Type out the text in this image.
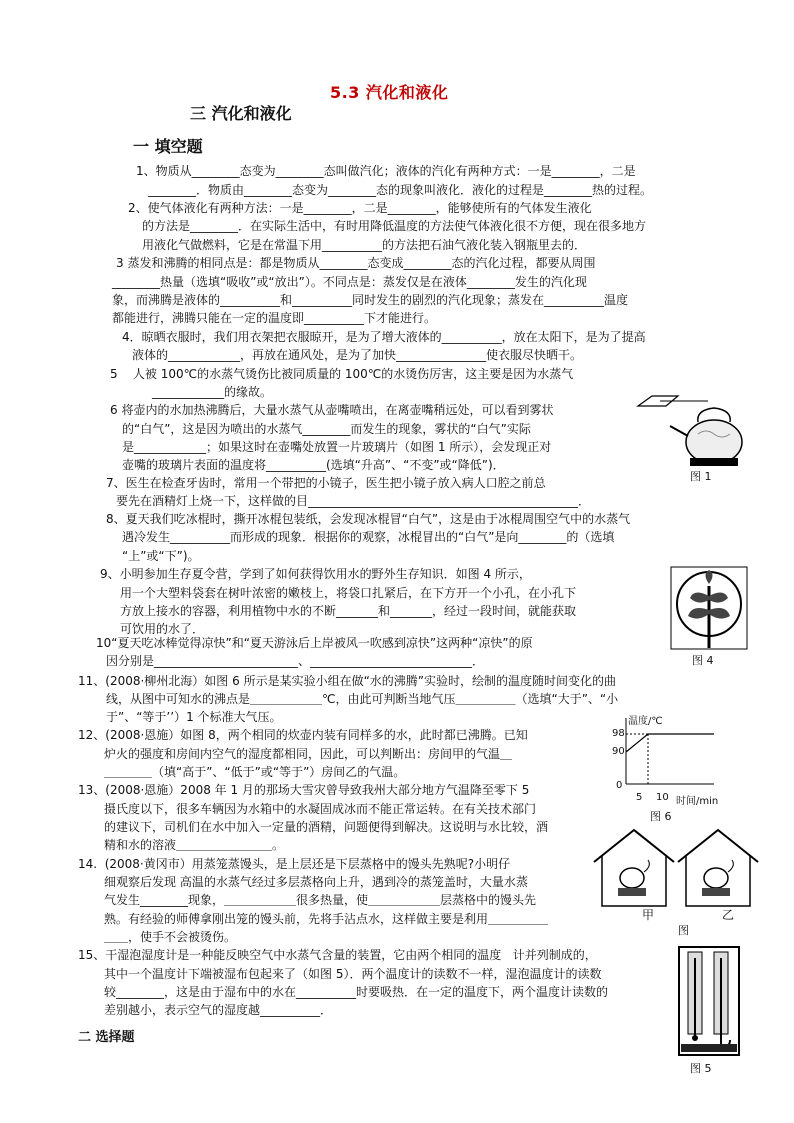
5.3 汽化和液化
三 汽化和液化
一 填空题
1、物质从________态变为________态叫做汽化；液体的汽化有两种方式：一是________，二是
________．物质由________态变为________态的现象叫液化．液化的过程是________热的过程。
2、使气体液化有两种方法：一是________，二是________，能够使所有的气体发生液化
的方法是________．在实际生活中，有时用降低温度的方法使气体液化很不方便，现在很多地方
用液化气做燃料，它是在常温下用__________的方法把石油气液化装入钢瓶里去的．
3 蒸发和沸腾的相同点是：都是物质从________态变成________态的汽化过程，都要从周围
________热量（选填“吸收”或“放出”）。不同点是：蒸发仅是在液体________发生的汽化现
象，而沸腾是液体的__________和__________同时发生的剧烈的汽化现象；蒸发在__________温度
都能进行，沸腾只能在一定的温度即__________下才能进行。
4．晾晒衣服时，我们用衣架把衣服晾开，是为了增大液体的__________，放在太阳下，是为了提高
液体的____________，再放在通风处，是为了加快_______________使衣服尽快晒干。
5    人被 100℃的水蒸气烫伤比被同质量的 100℃的水烫伤厉害，这主要是因为水蒸气
____________的缘故。
6 将壶内的水加热沸腾后，大量水蒸气从壶嘴喷出，在离壶嘴稍远处，可以看到雾状
的“白气”，这是因为喷出的水蒸气________而发生的现象，雾状的“白气”实际
是____________；如果这时在壶嘴处放置一片玻璃片（如图 1 所示），会发现正对
壶嘴的玻璃片表面的温度将__________(选填“升高”、“不变”或“降低”)．
7、医生在检查牙齿时，常用一个带把的小镜子，医生把小镜子放入病人口腔之前总
要先在酒精灯上烧一下，这样做的目_____________________________________________．
8、夏天我们吃冰棍时，撕开冰棍包装纸，会发现冰棍冒“白气”，这是由于冰棍周围空气中的水蒸气
遇冷发生__________而形成的现象．根据你的观察，冰棍冒出的“白气”是向________的（选填
“上”或“下”)。
9、小明参加生存夏令营，学到了如何获得饮用水的野外生存知识．如图 4 所示，
用一个大塑料袋套在树叶浓密的嫩枝上，将袋口扎紧后，在下方开一个小孔，在小孔下
方放上接水的容器，利用植物中水的不断_______和_______，经过一段时间，就能获取
可饮用的水了．
10“夏天吃冰棒觉得凉快”和“夏天游泳后上岸被风一吹感到凉快”这两种“凉快”的原
因分别是________________________、___________________________．
11、(2008·柳州北海）如图 6 所示是某实验小组在做“水的沸腾”实验时，绘制的温度随时间变化的曲
线，从图中可知水的沸点是＿＿＿＿＿＿℃，由此可判断当地气压＿＿＿＿＿（选填“大于”、“小
于”、“等于’’）1 个标准大气压。
12、(2008·恩施）如图 8，两个相同的炊壶内装有同样多的水，此时都已沸腾。已知
炉火的强度和房间内空气的湿度都相同，因此，可以判断出：房间甲的气温＿
＿＿＿＿（填“高于”、“低于”或“等于”）房间乙的气温。
13、(2008·恩施）2008 年 1 月的那场大雪灾曾导致我州大部分地方气温降至零下 5
摄氏度以下，很多车辆因为水箱中的水凝固成冰而不能正常运转。在有关技术部门
的建议下，司机们在水中加入一定量的酒精，问题便得到解决。这说明与水比较，酒
精和水的溶液＿＿＿＿＿＿＿＿。
14.  (2008·黄冈市）用蒸笼蒸馒头，是上层还是下层蒸格中的馒头先熟呢?小明仔
细观察后发现 高温的水蒸气经过多层蒸格向上升，遇到冷的蒸笼盖时，大量水蒸
气发生________现象，＿＿＿＿＿＿很多热量，使＿＿＿＿＿＿层蒸格中的馒头先
熟。有经验的师傅拿刚出笼的馒头前，先将手沾点水，这样做主要是利用＿＿＿＿＿
＿＿，使手不会被烫伤。
15、干湿泡湿度计是一种能反映空气中水蒸气含量的装置，它由两个相同的温度   计并列制成的，
其中一个温度计下端被湿布包起来了（如图 5）．两个温度计的读数不一样，湿泡温度计的读数
较________，这是由于湿布中的水在__________时要吸热．在一定的温度下，两个温度计读数的
差别越小，表示空气的湿度越__________．
二 选择题
图 1
图 4
温度/℃
98
90
0
5 10 时间/min
图 6
甲	乙
图
图 5
